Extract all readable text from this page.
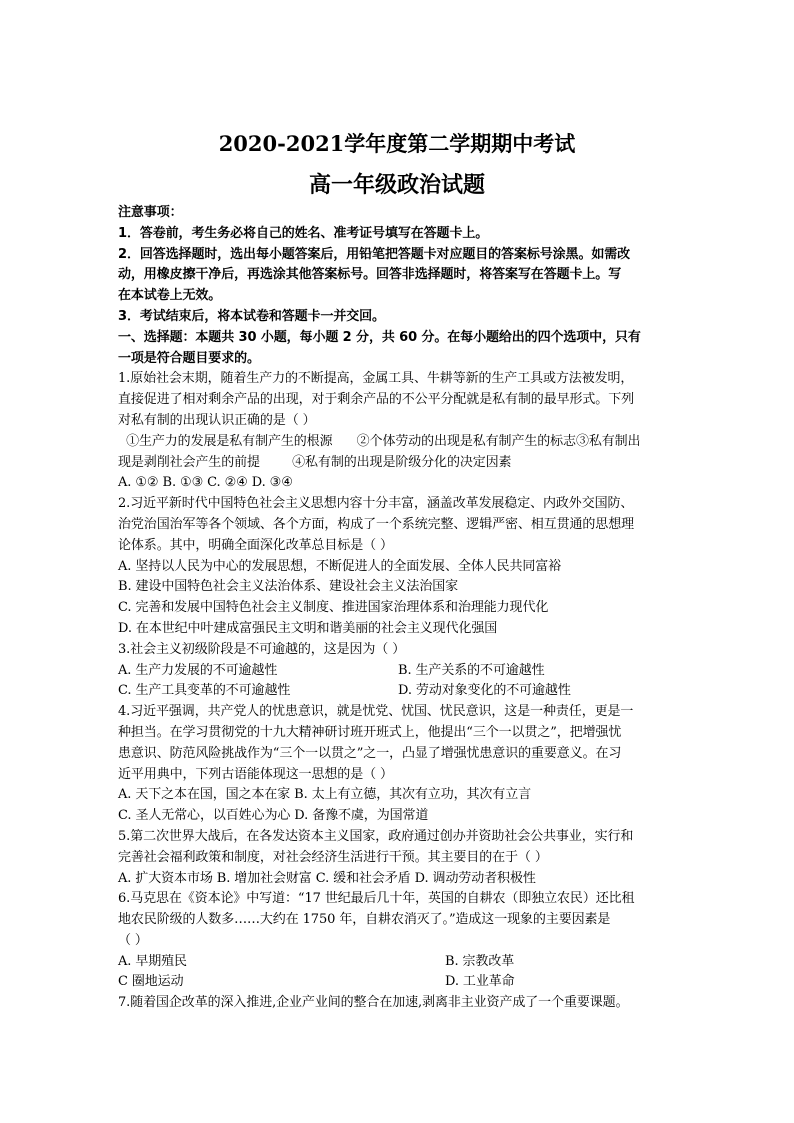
2020-2021学年度第二学期期中考试
高一年级政治试题
注意事项：
1．答卷前，考生务必将自己的姓名、准考证号填写在答题卡上。
2．回答选择题时，选出每小题答案后，用铅笔把答题卡对应题目的答案标号涂黑。如需改
动，用橡皮擦干净后，再选涂其他答案标号。回答非选择题时，将答案写在答题卡上。写
在本试卷上无效。
3．考试结束后，将本试卷和答题卡一并交回。
一、选择题：本题共 30 小题，每小题 2 分，共 60 分。在每小题给出的四个选项中，只有
一项是符合题目要求的。
1.原始社会末期，随着生产力的不断提高，金属工具、牛耕等新的生产工具或方法被发明，
直接促进了相对剩余产品的出现，对于剩余产品的不公平分配就是私有制的最早形式。下列
对私有制的出现认识正确的是（ ）
①生产力的发展是私有制产生的根源      ②个体劳动的出现是私有制产生的标志③私有制出
现是剥削社会产生的前提        ④私有制的出现是阶级分化的决定因素
A. ①② B. ①③ C. ②④ D. ③④
2.习近平新时代中国特色社会主义思想内容十分丰富，涵盖改革发展稳定、内政外交国防、
治党治国治军等各个领域、各个方面，构成了一个系统完整、逻辑严密、相互贯通的思想理
论体系。其中，明确全面深化改革总目标是（ ）
A. 坚持以人民为中心的发展思想，不断促进人的全面发展、全体人民共同富裕
B. 建设中国特色社会主义法治体系、建设社会主义法治国家
C. 完善和发展中国特色社会主义制度、推进国家治理体系和治理能力现代化
D. 在本世纪中叶建成富强民主文明和谐美丽的社会主义现代化强国
3.社会主义初级阶段是不可逾越的，这是因为（ ）
A. 生产力发展的不可逾越性	B. 生产关系的不可逾越性
C. 生产工具变革的不可逾越性	D. 劳动对象变化的不可逾越性
4.习近平强调，共产党人的忧患意识，就是忧党、忧国、忧民意识，这是一种责任，更是一
种担当。在学习贯彻党的十九大精神研讨班开班式上，他提出“三个一以贯之”，把增强忧
患意识、防范风险挑战作为“三个一以贯之”之一，凸显了增强忧患意识的重要意义。在习
近平用典中，下列古语能体现这一思想的是（ ）
A. 天下之本在国，国之本在家 B. 太上有立德，其次有立功，其次有立言
C. 圣人无常心，以百姓心为心 D. 备豫不虞，为国常道
5.第二次世界大战后，在各发达资本主义国家，政府通过创办并资助社会公共事业，实行和
完善社会福利政策和制度，对社会经济生活进行干预。其主要目的在于（ ）
A. 扩大资本市场 B. 增加社会财富 C. 缓和社会矛盾 D. 调动劳动者积极性
6.马克思在《资本论》中写道：“17 世纪最后几十年，英国的自耕农（即独立农民）还比租
地农民阶级的人数多……大约在 1750 年，自耕农消灭了。”造成这一现象的主要因素是
（ ）
A. 早期殖民	B. 宗教改革
C 圈地运动	D. 工业革命
7.随着国企改革的深入推进,企业产业间的整合在加速,剥离非主业资产成了一个重要课题。
